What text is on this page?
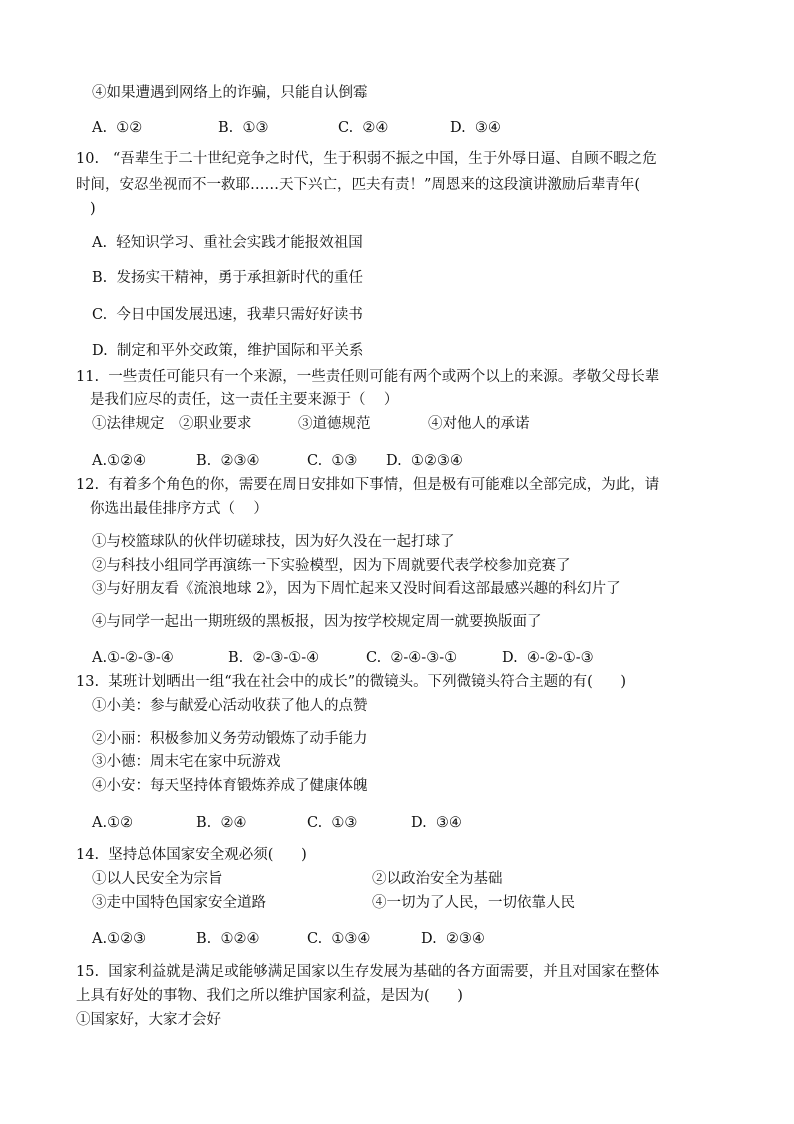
④如果遭遇到网络上的诈骗，只能自认倒霉

A.  ①②

	B.  ①③

	C.  ②④

	D.  ③④

10.   “吾辈生于二十世纪竞争之时代，生于积弱不振之中国，生于外辱日逼、自顾不暇之危
时间，安忍坐视而不一救耶……天下兴亡，匹夫有责！”周恩来的这段演讲激励后辈青年(
)
A.  轻知识学习、重社会实践才能报效祖国
B.  发扬实干精神，勇于承担新时代的重任
C.  今日中国发展迅速，我辈只需好好读书
D.  制定和平外交政策，维护国际和平关系
11.  一些责任可能只有一个来源，一些责任则可能有两个或两个以上的来源。孝敬父母长辈
是我们应尽的责任，这一责任主要来源于（    ）

①法律规定

②职业要求

	③道德规范

	④对他人的承诺

A.①②④

	B.  ②③④

	C.  ①③

D.  ①②③④

12.  有着多个角色的你，需要在周日安排如下事情，但是极有可能难以全部完成，为此，请
你选出最佳排序方式（    ）
①与校篮球队的伙伴切磋球技，因为好久没在一起打球了
②与科技小组同学再演练一下实验模型，因为下周就要代表学校参加竞赛了
③与好朋友看《流浪地球 2》，因为下周忙起来又没时间看这部最感兴趣的科幻片了
④与同学一起出一期班级的黑板报，因为按学校规定周一就要换版面了

A.①-②-③-④

	B.  ②-③-①-④

	C.  ②-④-③-①

	D.  ④-②-①-③

13.  某班计划晒出一组“我在社会中的成长”的微镜头。下列微镜头符合主题的有(      )
①小美：参与献爱心活动收获了他人的点赞
②小丽：积极参加义务劳动锻炼了动手能力
③小德：周末宅在家中玩游戏
④小安：每天坚持体育锻炼养成了健康体魄

A.①②

	B.  ②④

	C.  ①③

	D.  ③④

14.  坚持总体国家安全观必须(      )
①以人民安全为宗旨	②以政治安全为基础
③走中国特色国家安全道路	④一切为了人民，一切依靠人民

A.①②③

	B.  ①②④

	C.  ①③④

	D.  ②③④

15.  国家利益就是满足或能够满足国家以生存发展为基础的各方面需要，并且对国家在整体
上具有好处的事物、我们之所以维护国家利益，是因为(      )
①国家好，大家才会好
